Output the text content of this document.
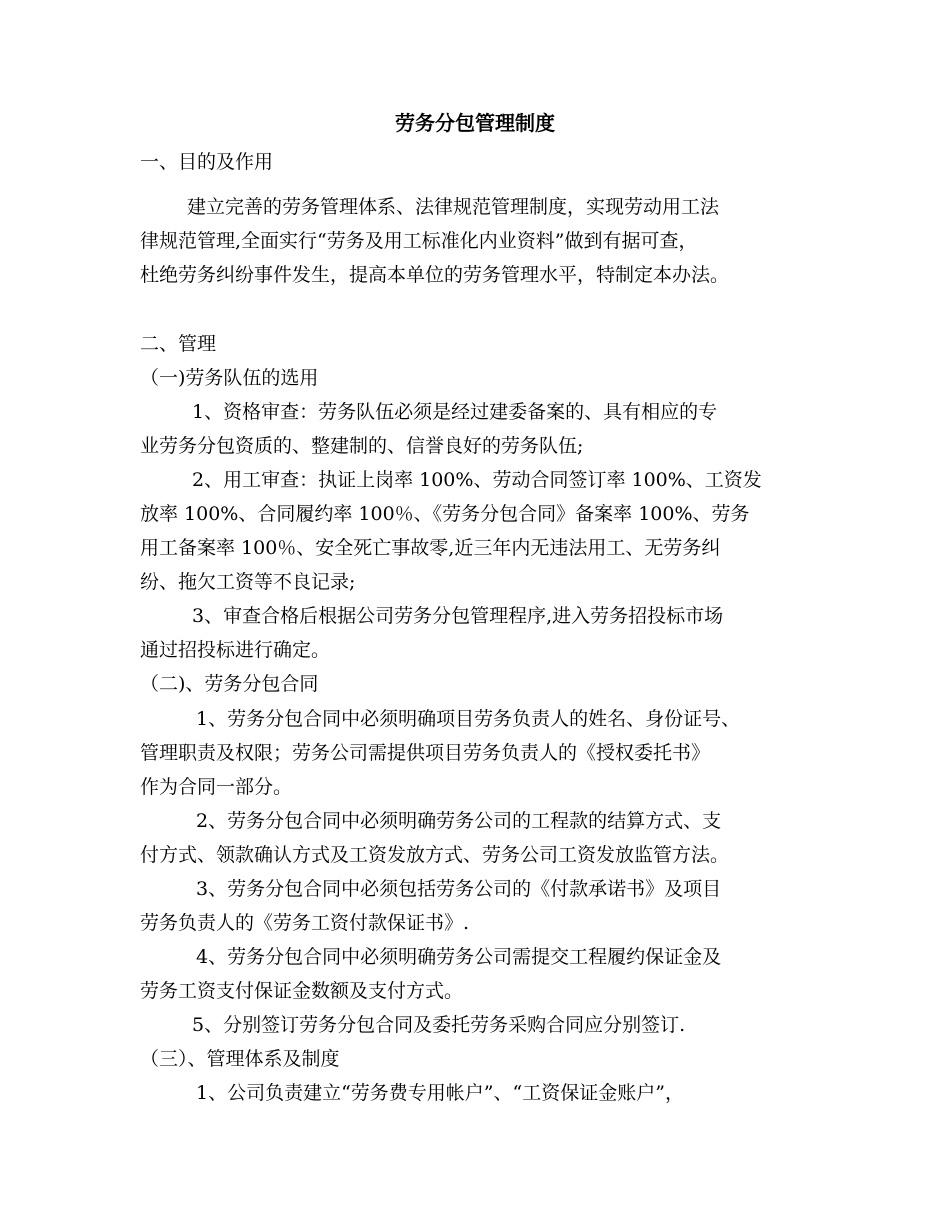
劳务分包管理制度
一、目的及作用
建立完善的劳务管理体系、法律规范管理制度，实现劳动用工法
律规范管理,全面实行“劳务及用工标准化内业资料”做到有据可查，
杜绝劳务纠纷事件发生，提高本单位的劳务管理水平，特制定本办法。
二、管理
（一)劳务队伍的选用
1、资格审查：劳务队伍必须是经过建委备案的、具有相应的专
业劳务分包资质的、整建制的、信誉良好的劳务队伍;
2、用工审查：执证上岗率 100%、劳动合同签订率 100%、工资发
放率 100%、合同履约率 100％、《劳务分包合同》备案率 100%、劳务
用工备案率 100％、安全死亡事故零,近三年内无违法用工、无劳务纠
纷、拖欠工资等不良记录;
3、审查合格后根据公司劳务分包管理程序,进入劳务招投标市场
通过招投标进行确定。
（二)、劳务分包合同
1、劳务分包合同中必须明确项目劳务负责人的姓名、身份证号、
管理职责及权限；劳务公司需提供项目劳务负责人的《授权委托书》
作为合同一部分。
2、劳务分包合同中必须明确劳务公司的工程款的结算方式、支
付方式、领款确认方式及工资发放方式、劳务公司工资发放监管方法。
3、劳务分包合同中必须包括劳务公司的《付款承诺书》及项目
劳务负责人的《劳务工资付款保证书》.
4、劳务分包合同中必须明确劳务公司需提交工程履约保证金及
劳务工资支付保证金数额及支付方式。
5、分别签订劳务分包合同及委托劳务采购合同应分别签订.
（三）、管理体系及制度
1、公司负责建立“劳务费专用帐户”、“工资保证金账户”，
